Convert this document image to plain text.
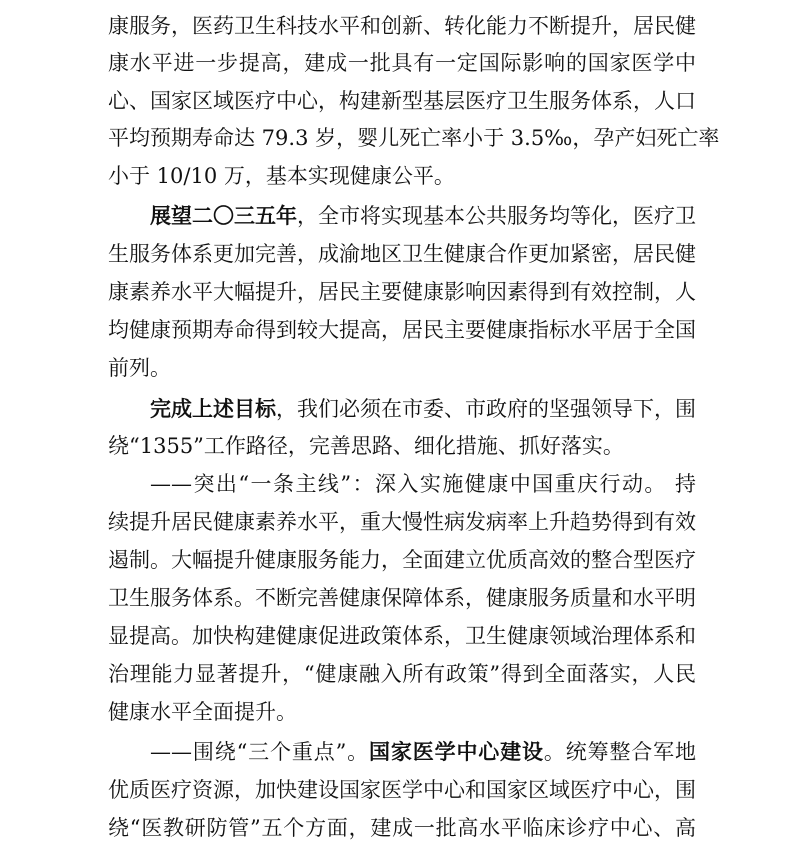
康服务，医药卫生科技水平和创新、转化能力不断提升，居民健
康水平进一步提高，建成一批具有一定国际影响的国家医学中
心、国家区域医疗中心，构建新型基层医疗卫生服务体系，人口
平均预期寿命达 79.3 岁，婴儿死亡率小于 3.5‰，孕产妇死亡率
小于 10/10 万，基本实现健康公平。
展望二〇三五年，全市将实现基本公共服务均等化，医疗卫
生服务体系更加完善，成渝地区卫生健康合作更加紧密，居民健
康素养水平大幅提升，居民主要健康影响因素得到有效控制，人
均健康预期寿命得到较大提高，居民主要健康指标水平居于全国
前列。
完成上述目标，我们必须在市委、市政府的坚强领导下，围
绕“1355”工作路径，完善思路、细化措施、抓好落实。
——突出“一条主线”：深入实施健康中国重庆行动。 持
续提升居民健康素养水平，重大慢性病发病率上升趋势得到有效
遏制。大幅提升健康服务能力，全面建立优质高效的整合型医疗
卫生服务体系。不断完善健康保障体系，健康服务质量和水平明
显提高。加快构建健康促进政策体系，卫生健康领域治理体系和
治理能力显著提升，“健康融入所有政策”得到全面落实，人民
健康水平全面提升。
——围绕“三个重点”。国家医学中心建设。统筹整合军地
优质医疗资源，加快建设国家医学中心和国家区域医疗中心，围
绕“医教研防管”五个方面，建成一批高水平临床诊疗中心、高
